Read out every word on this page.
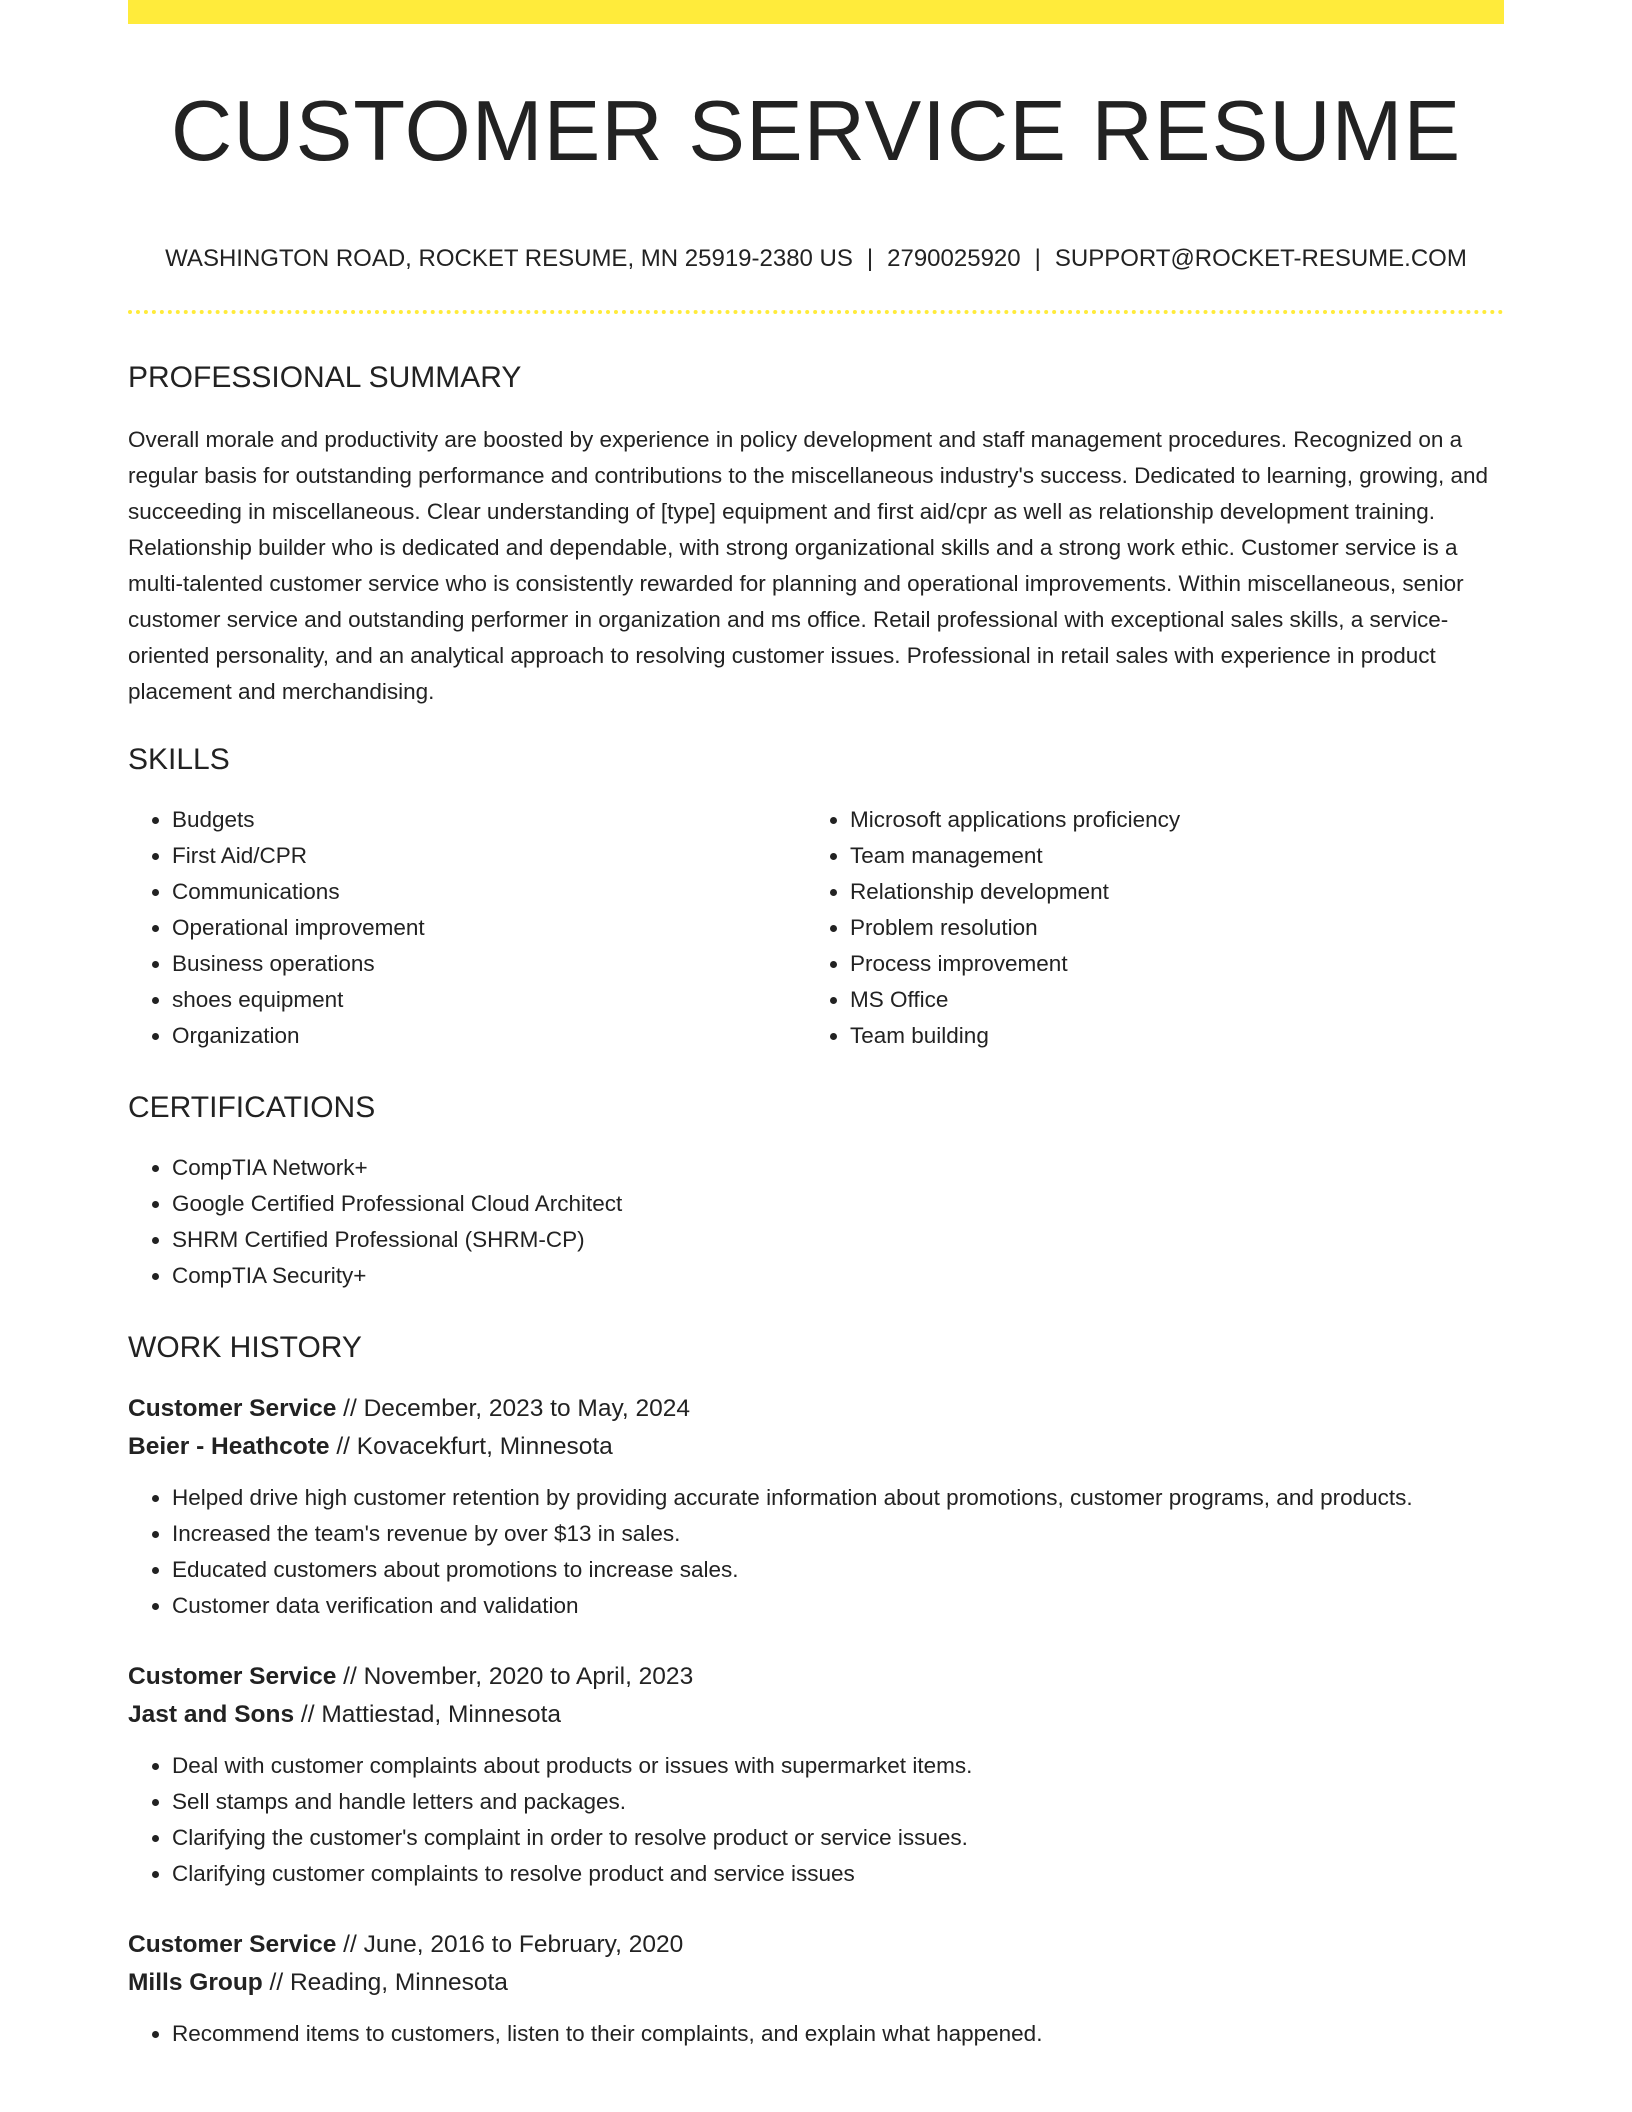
CUSTOMER SERVICE RESUME
WASHINGTON ROAD, ROCKET RESUME, MN 25919-2380 US | 2790025920 | SUPPORT@ROCKET-RESUME.COM
PROFESSIONAL SUMMARY

Overall morale and productivity are boosted by experience in policy development and staff management procedures. Recognized on a regular basis for outstanding performance and contributions to the miscellaneous industry's success. Dedicated to learning, growing, and succeeding in miscellaneous. Clear understanding of [type] equipment and first aid/cpr as well as relationship development training. Relationship builder who is dedicated and dependable, with strong organizational skills and a strong work ethic. Customer service is a multi-talented customer service who is consistently rewarded for planning and operational improvements. Within miscellaneous, senior customer service and outstanding performer in organization and ms office. Retail professional with exceptional sales skills, a service-oriented personality, and an analytical approach to resolving customer issues. Professional in retail sales with experience in product placement and merchandising.

SKILLS
• Budgets
• First Aid/CPR
• Communications
• Operational improvement
• Business operations
• shoes equipment
• Organization
• Microsoft applications proficiency
• Team management
• Relationship development
• Problem resolution
• Process improvement
• MS Office
• Team building
CERTIFICATIONS
• CompTIA Network+
• Google Certified Professional Cloud Architect
• SHRM Certified Professional (SHRM-CP)
• CompTIA Security+
WORK HISTORY
Customer Service // December, 2023 to May, 2024
Beier - Heathcote // Kovacekfurt, Minnesota
• Helped drive high customer retention by providing accurate information about promotions, customer programs, and products.
• Increased the team's revenue by over $13 in sales.
• Educated customers about promotions to increase sales.
• Customer data verification and validation
Customer Service // November, 2020 to April, 2023
Jast and Sons // Mattiestad, Minnesota
• Deal with customer complaints about products or issues with supermarket items.
• Sell stamps and handle letters and packages.
• Clarifying the customer's complaint in order to resolve product or service issues.
• Clarifying customer complaints to resolve product and service issues
Customer Service // June, 2016 to February, 2020
Mills Group // Reading, Minnesota
• Recommend items to customers, listen to their complaints, and explain what happened.
